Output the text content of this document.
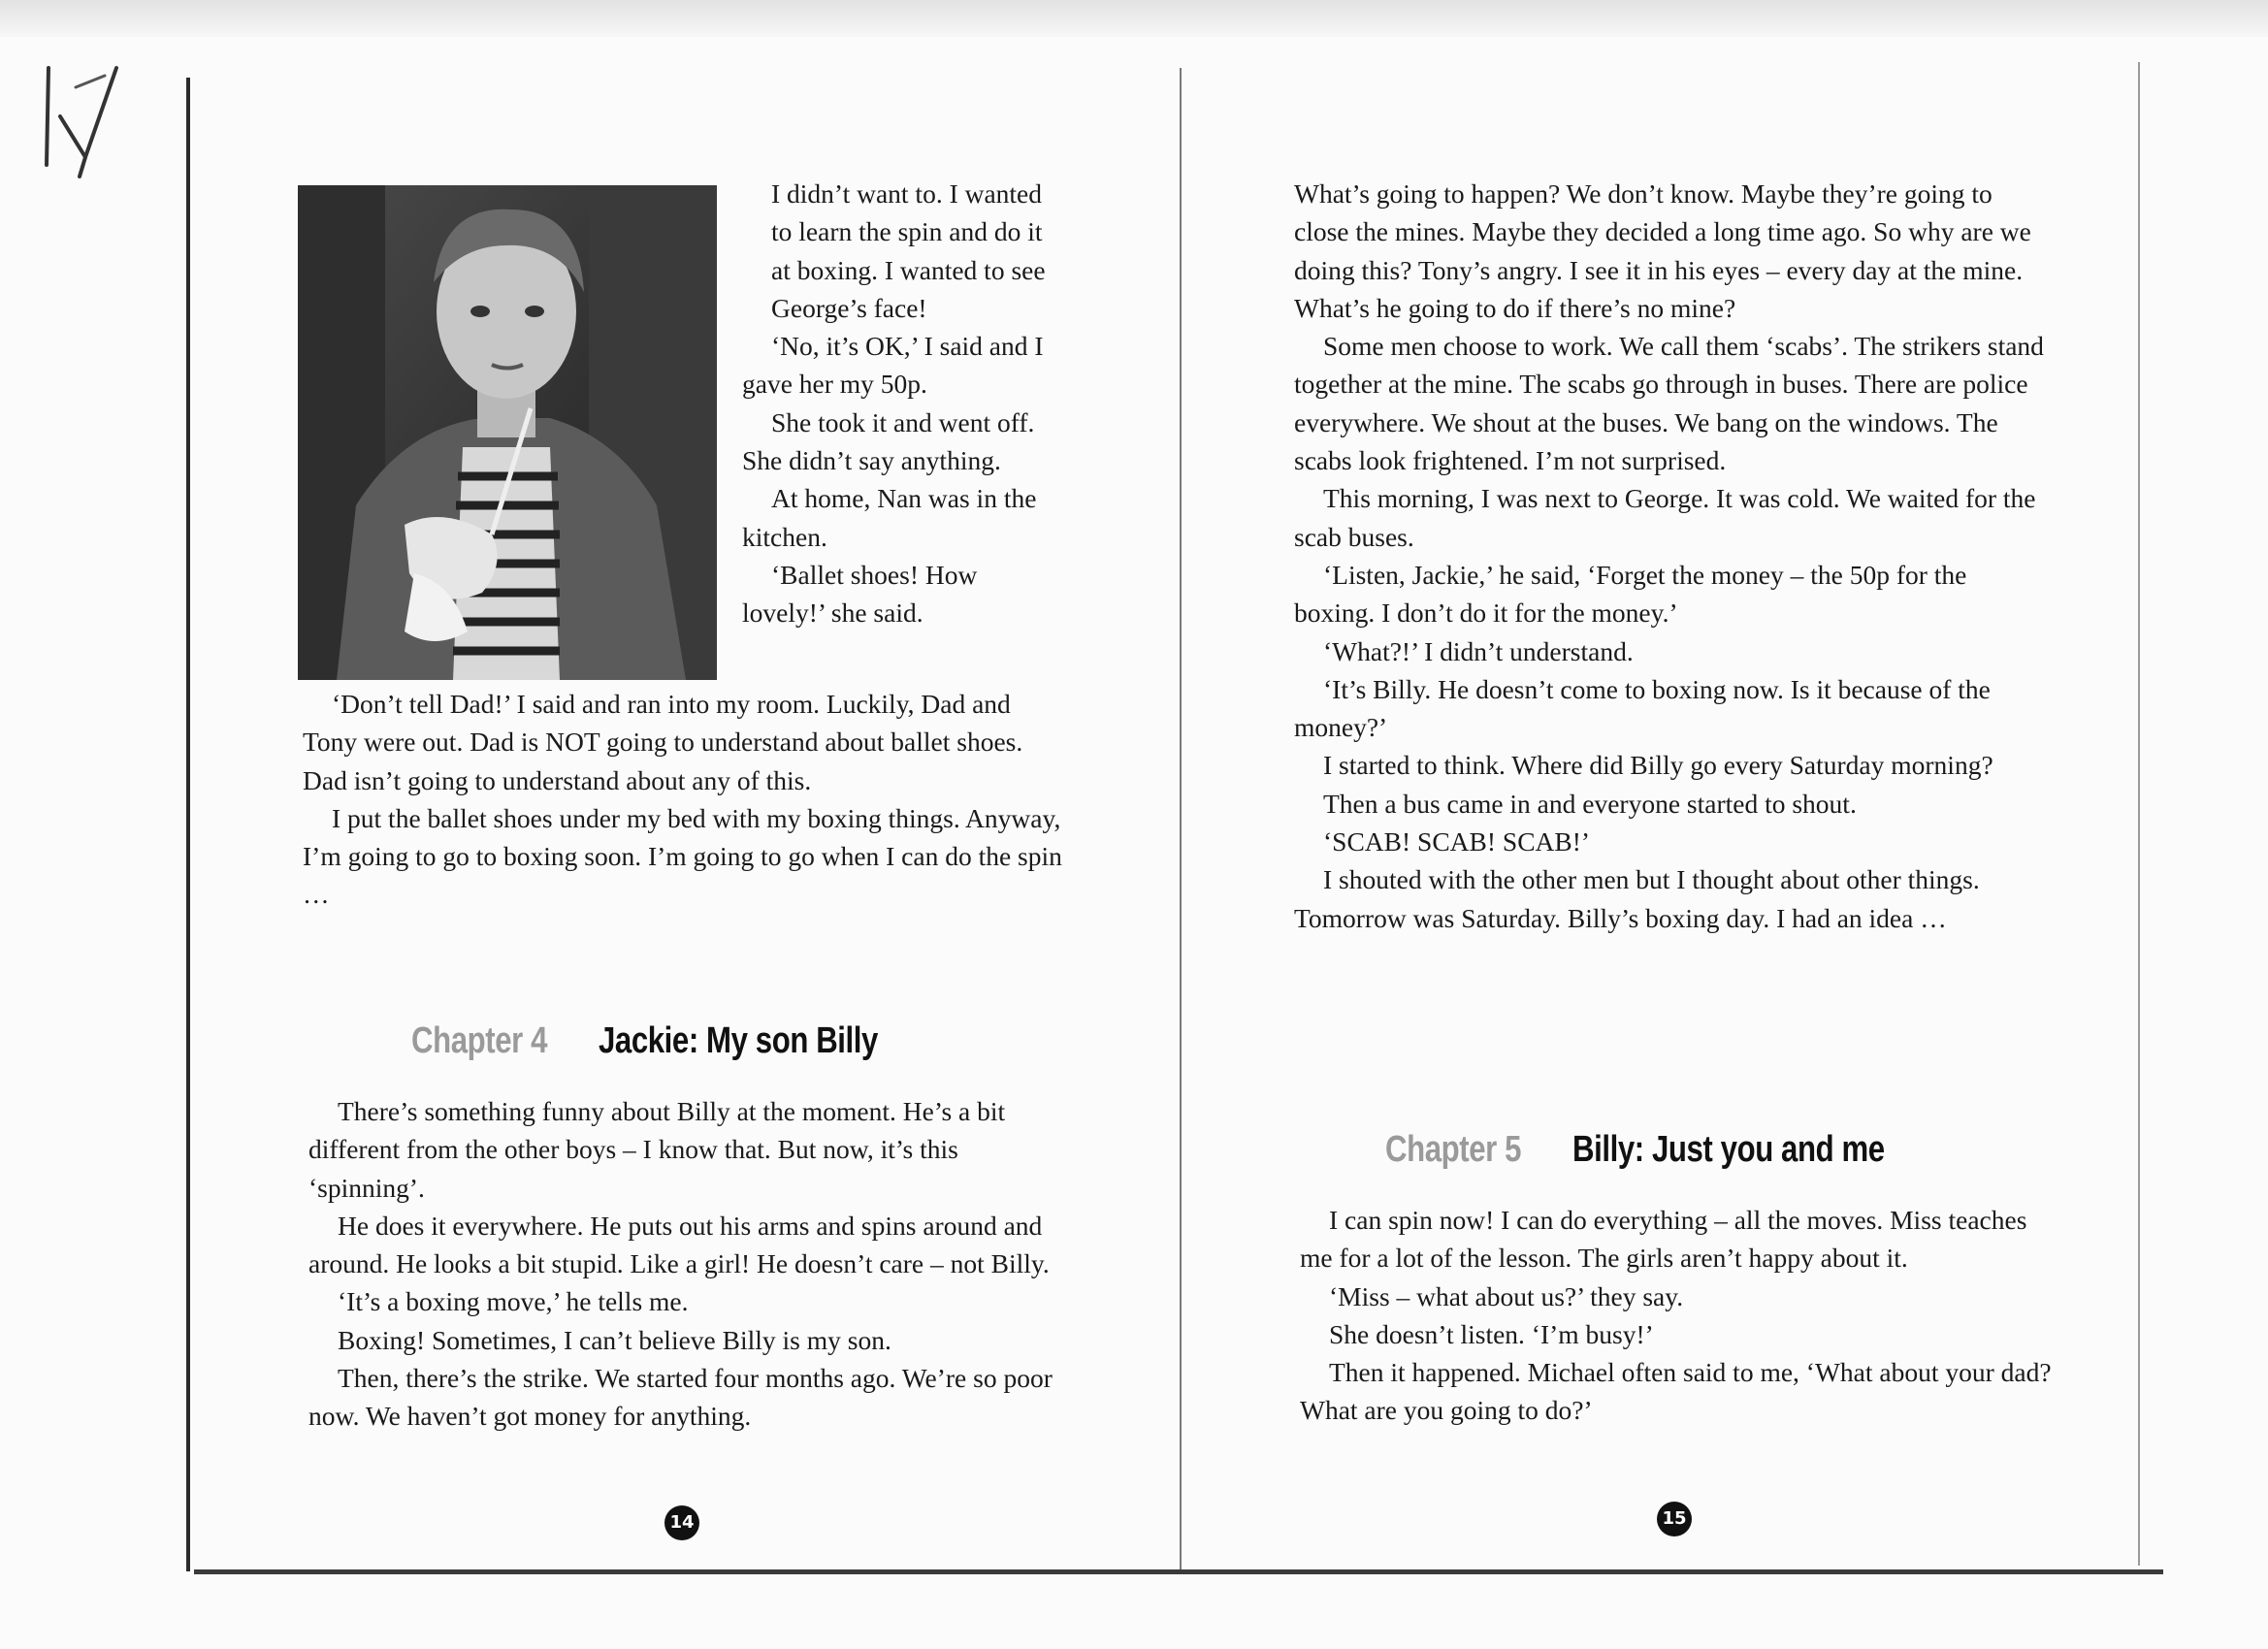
I didn’t want to. I wanted to learn the spin and do it at boxing. I wanted to see George’s face!

‘No, it’s OK,’ I said and I gave her my 50p.

She took it and went off. She didn’t say anything.

At home, Nan was in the kitchen.

‘Ballet shoes! How lovely!’ she said.

‘Don’t tell Dad!’ I said and ran into my room. Luckily, Dad and Tony were out. Dad is NOT going to understand about ballet shoes. Dad isn’t going to understand about any of this.

I put the ballet shoes under my bed with my boxing things. Anyway, I’m going to go to boxing soon. I’m going to go when I can do the spin …

Chapter 4 Jackie: My son Billy

There’s something funny about Billy at the moment. He’s a bit different from the other boys – I know that. But now, it’s this ‘spinning’.

He does it everywhere. He puts out his arms and spins around and around. He looks a bit stupid. Like a girl! He doesn’t care – not Billy.

‘It’s a boxing move,’ he tells me.

Boxing! Sometimes, I can’t believe Billy is my son.

Then, there’s the strike. We started four months ago. We’re so poor now. We haven’t got money for anything.

14

What’s going to happen? We don’t know. Maybe they’re going to close the mines. Maybe they decided a long time ago. So why are we doing this? Tony’s angry. I see it in his eyes – every day at the mine. What’s he going to do if there’s no mine?

Some men choose to work. We call them ‘scabs’. The strikers stand together at the mine. The scabs go through in buses. There are police everywhere. We shout at the buses. We bang on the windows. The scabs look frightened. I’m not surprised.

This morning, I was next to George. It was cold. We waited for the scab buses.

‘Listen, Jackie,’ he said, ‘Forget the money – the 50p for the boxing. I don’t do it for the money.’

‘What?!’ I didn’t understand.

‘It’s Billy. He doesn’t come to boxing now. Is it because of the money?’

I started to think. Where did Billy go every Saturday morning?

Then a bus came in and everyone started to shout.

‘SCAB! SCAB! SCAB!’

I shouted with the other men but I thought about other things. Tomorrow was Saturday. Billy’s boxing day. I had an idea …

Chapter 5 Billy: Just you and me

I can spin now! I can do everything – all the moves. Miss teaches me for a lot of the lesson. The girls aren’t happy about it.

‘Miss – what about us?’ they say.

She doesn’t listen. ‘I’m busy!’

Then it happened. Michael often said to me, ‘What about your dad? What are you going to do?’

15
